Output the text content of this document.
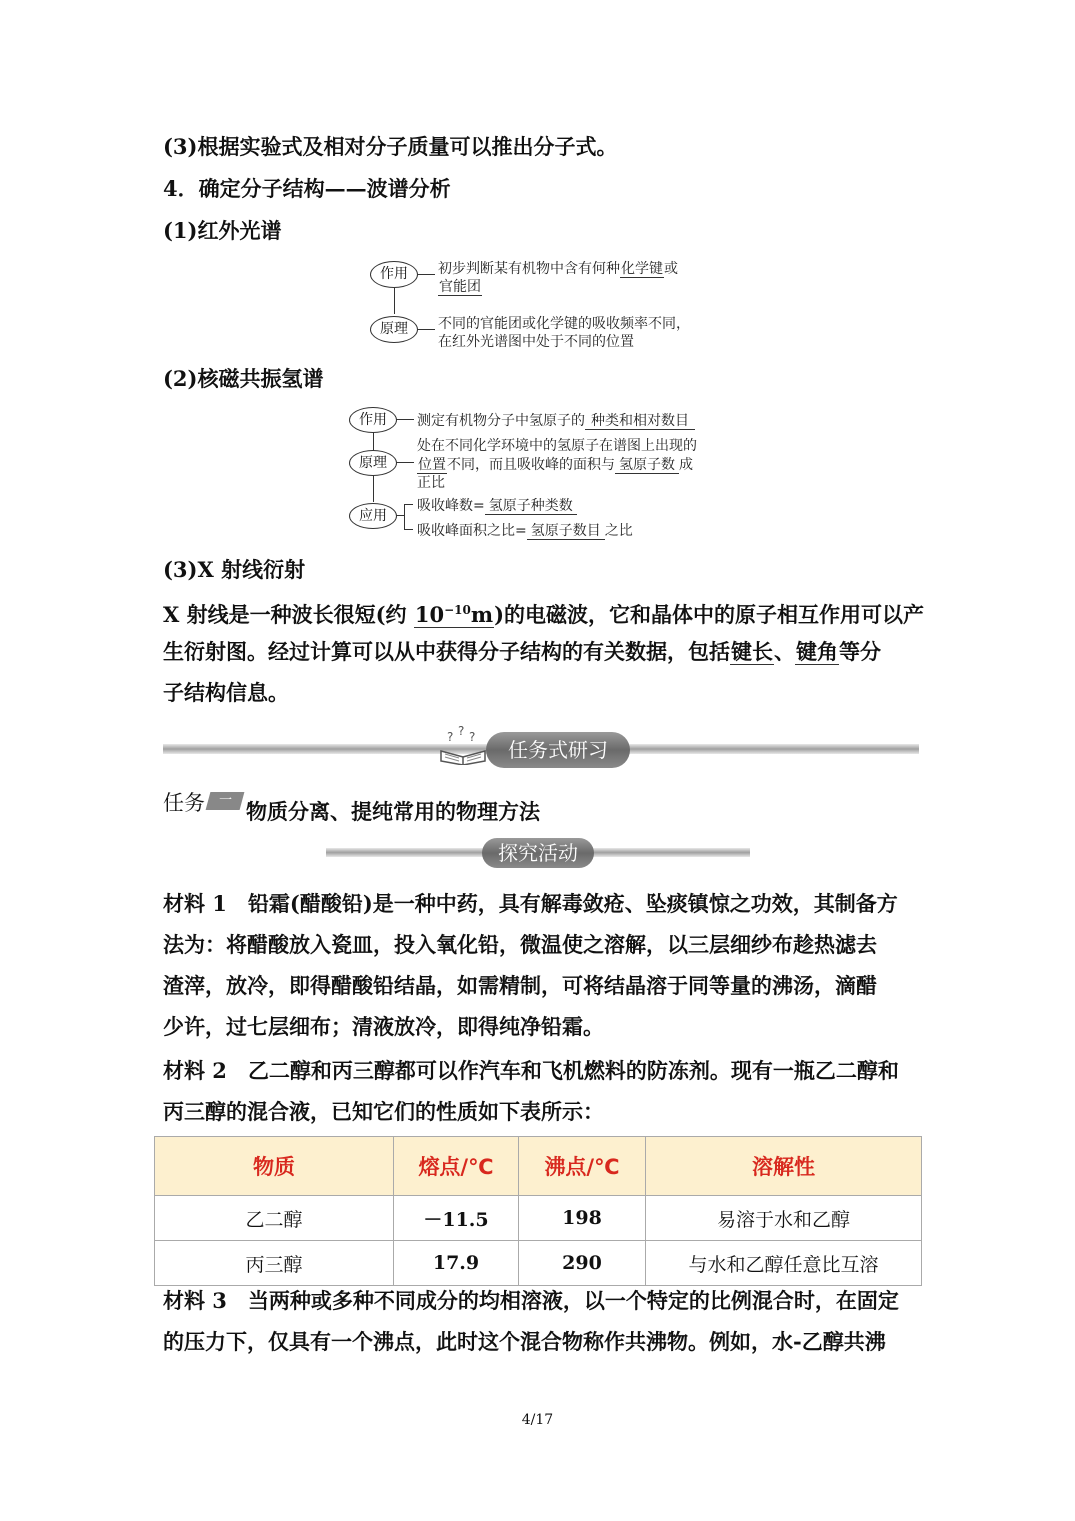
(3)根据实验式及相对分子质量可以推出分子式。
4．确定分子结构——波谱分析
(1)红外光谱
作用	初步判断某有机物中含有何种化学键或
官能团
原理	不同的官能团或化学键的吸收频率不同，
在红外光谱图中处于不同的位置
(2)核磁共振氢谱
作用	测定有机物分子中氢原子的 种类和相对数目
原理
处在不同化学环境中的氢原子在谱图上出现的
位置不同，而且吸收峰的面积与 氢原子数 成
正比
应用
吸收峰数= 氢原子种类数
吸收峰面积之比= 氢原子数目 之比
(3)X 射线衍射
X 射线是一种波长很短(约 $10^{-10}m$)的电磁波，它和晶体中的原子相互作用可以产
生衍射图。经过计算可以从中获得分子结构的有关数据，包括键长、键角等分
子结构信息。
? ? ?
任务式研习
任务 一 物质分离、提纯常用的物理方法
探究活动
材料 1　 铅霜(醋酸铅)是一种中药，具有解毒敛疮、坠痰镇惊之功效，其制备方
法为：将醋酸放入瓷皿，投入氧化铅，微温使之溶解，以三层细纱布趁热滤去
渣滓，放冷，即得醋酸铅结晶，如需精制，可将结晶溶于同等量的沸汤，滴醋
少许，过七层细布；清液放冷，即得纯净铅霜。
材料 2　 乙二醇和丙三醇都可以作汽车和飞机燃料的防冻剂。现有一瓶乙二醇和
丙三醇的混合液，已知它们的性质如下表所示：
物质	熔点/℃	沸点/℃	溶解性
乙二醇	－11.5	198	易溶于水和乙醇
丙三醇	17.9	290	与水和乙醇任意比互溶
材料 3　 当两种或多种不同成分的均相溶液，以一个特定的比例混合时，在固定
的压力下，仅具有一个沸点，此时这个混合物称作共沸物。例如，水-乙醇共沸
4/17
